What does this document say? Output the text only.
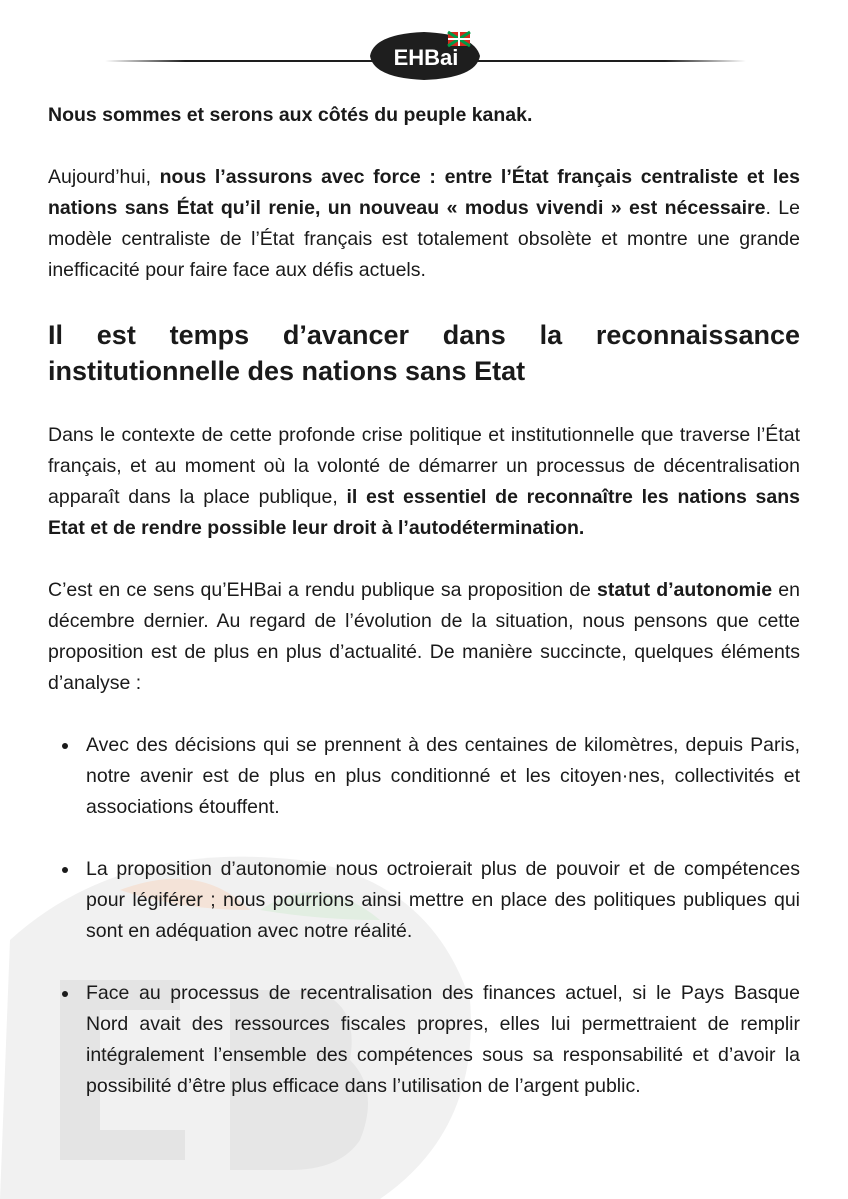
EHBai

Nous sommes et serons aux côtés du peuple kanak.

Aujourd’hui, nous l’assurons avec force : entre l’État français centraliste et les nations sans État qu’il renie, un nouveau « modus vivendi » est nécessaire. Le modèle centraliste de l’État français est totalement obsolète et montre une grande inefficacité pour faire face aux défis actuels.

Il est temps d’avancer dans la reconnaissance
institutionnelle des nations sans Etat

Dans le contexte de cette profonde crise politique et institutionnelle que traverse l’État français, et au moment où la volonté de démarrer un processus de décentralisation apparaît dans la place publique, il est essentiel de reconnaître les nations sans Etat et de rendre possible leur droit à l’autodétermination.

C’est en ce sens qu’EHBai a rendu publique sa proposition de statut d’autonomie en décembre dernier. Au regard de l’évolution de la situation, nous pensons que cette proposition est de plus en plus d’actualité. De manière succincte, quelques éléments d’analyse :

Avec des décisions qui se prennent à des centaines de kilomètres, depuis Paris, notre avenir est de plus en plus conditionné et les citoyen·nes, collectivités et associations étouffent.
La proposition d’autonomie nous octroierait plus de pouvoir et de compétences pour légiférer ; nous pourrions ainsi mettre en place des politiques publiques qui sont en adéquation avec notre réalité.
Face au processus de recentralisation des finances actuel, si le Pays Basque Nord avait des ressources fiscales propres, elles lui permettraient de remplir intégralement l’ensemble des compétences sous sa responsabilité et d’avoir la possibilité d’être plus efficace dans l’utilisation de l’argent public.
